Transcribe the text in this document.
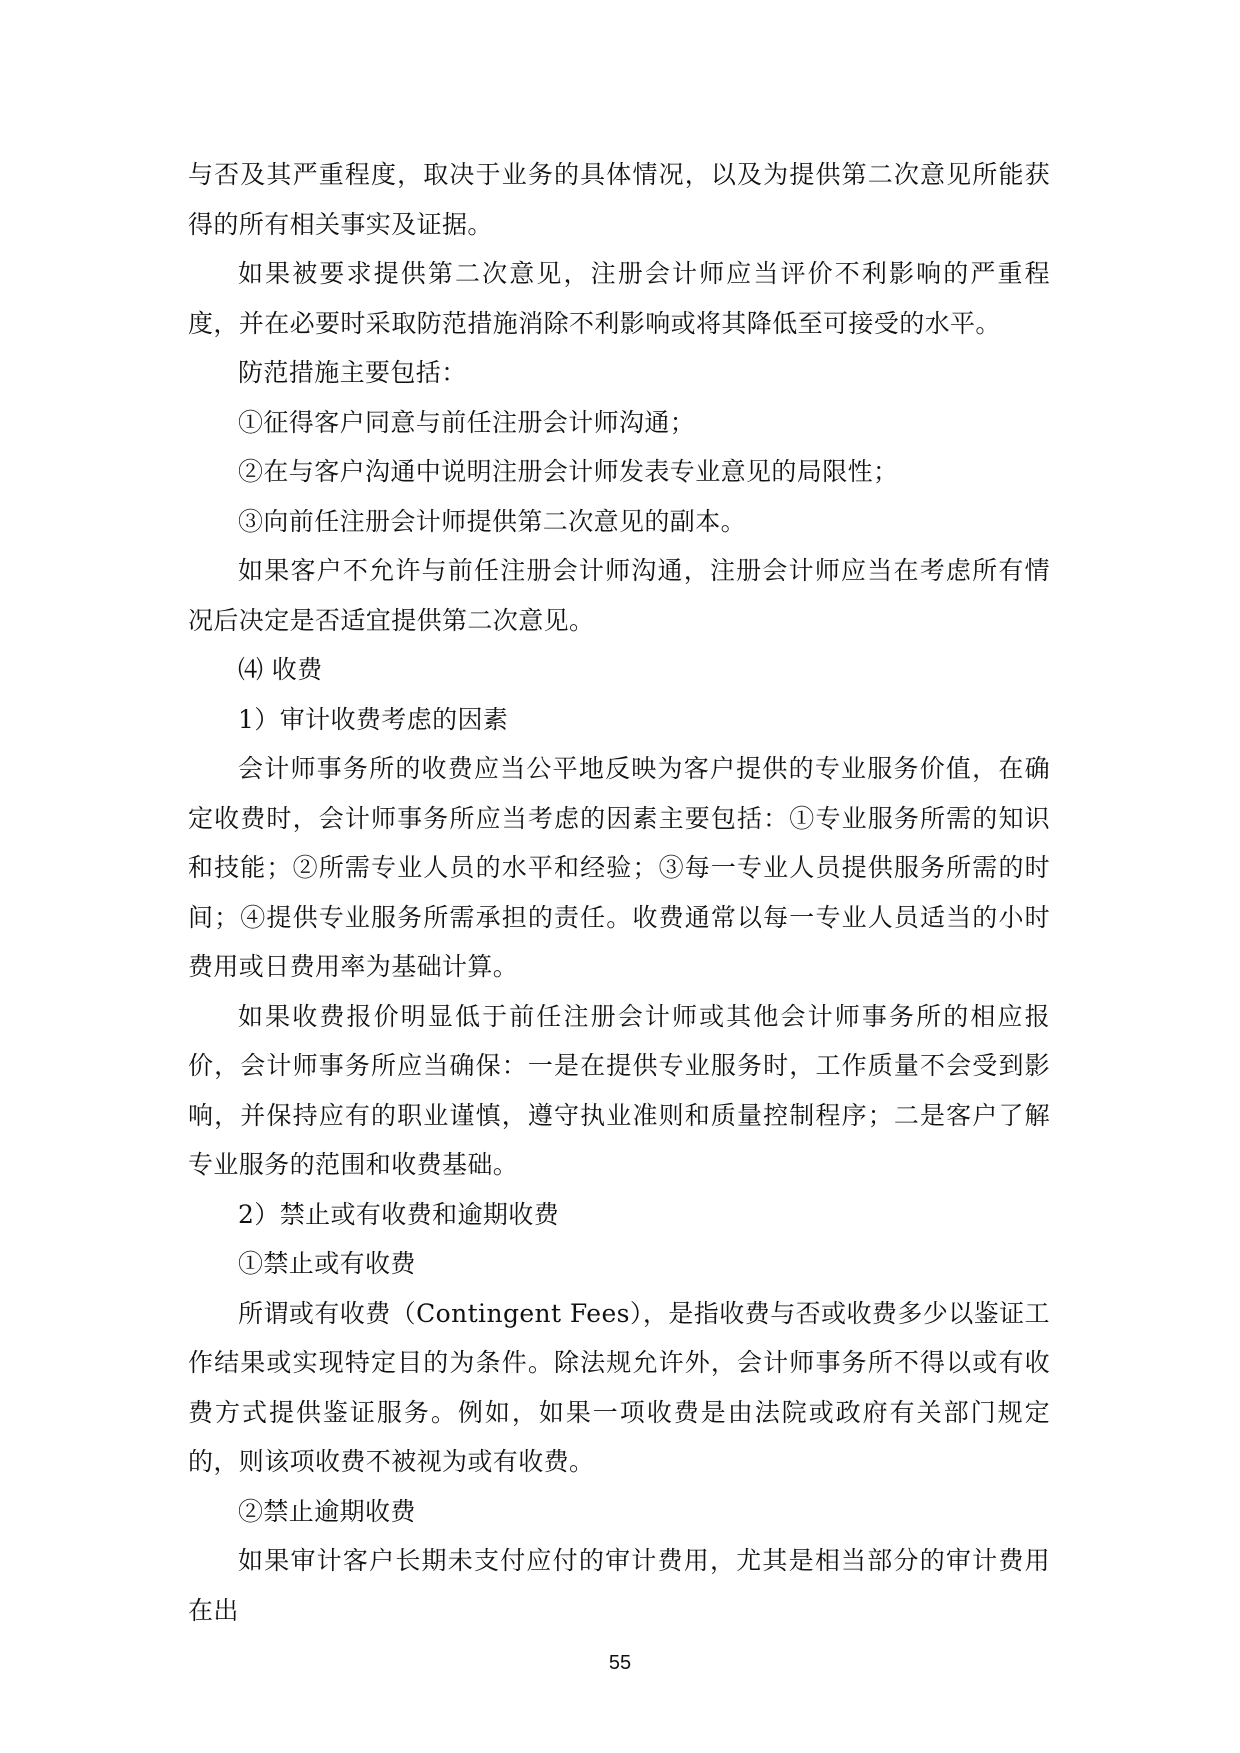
与否及其严重程度，取决于业务的具体情况，以及为提供第二次意见所能获得的所有相关事实及证据。

如果被要求提供第二次意见，注册会计师应当评价不利影响的严重程度，并在必要时采取防范措施消除不利影响或将其降低至可接受的水平。

防范措施主要包括：

①征得客户同意与前任注册会计师沟通；

②在与客户沟通中说明注册会计师发表专业意见的局限性；

③向前任注册会计师提供第二次意见的副本。

如果客户不允许与前任注册会计师沟通，注册会计师应当在考虑所有情况后决定是否适宜提供第二次意见。

⑷ 收费

1）审计收费考虑的因素

会计师事务所的收费应当公平地反映为客户提供的专业服务价值，在确定收费时，会计师事务所应当考虑的因素主要包括：①专业服务所需的知识和技能；②所需专业人员的水平和经验；③每一专业人员提供服务所需的时间；④提供专业服务所需承担的责任。收费通常以每一专业人员适当的小时费用或日费用率为基础计算。

如果收费报价明显低于前任注册会计师或其他会计师事务所的相应报价，会计师事务所应当确保：一是在提供专业服务时，工作质量不会受到影响，并保持应有的职业谨慎，遵守执业准则和质量控制程序；二是客户了解专业服务的范围和收费基础。

2）禁止或有收费和逾期收费

①禁止或有收费

所谓或有收费（Contingent Fees），是指收费与否或收费多少以鉴证工作结果或实现特定目的为条件。除法规允许外，会计师事务所不得以或有收费方式提供鉴证服务。例如，如果一项收费是由法院或政府有关部门规定的，则该项收费不被视为或有收费。

②禁止逾期收费

如果审计客户长期未支付应付的审计费用，尤其是相当部分的审计费用在出

55
